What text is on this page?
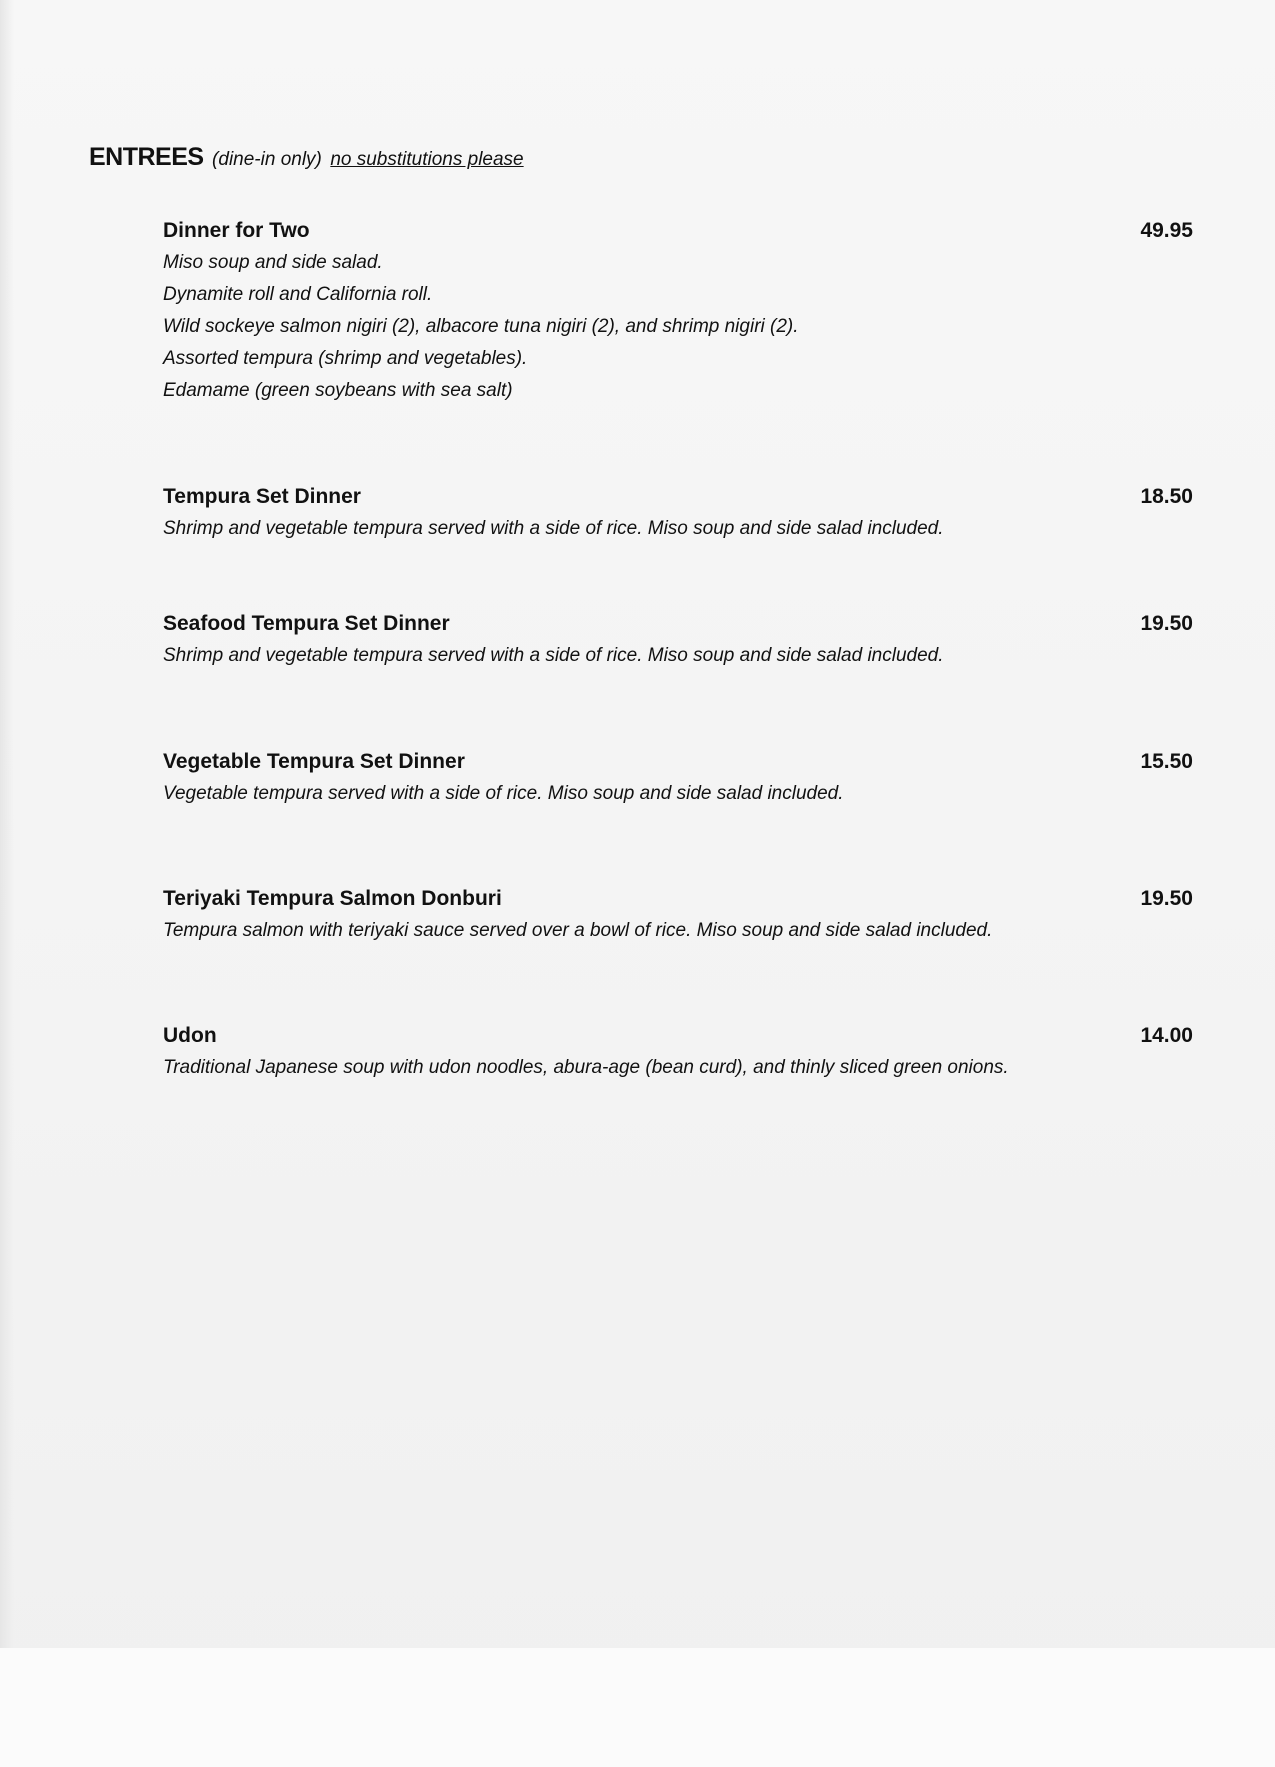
ENTREES (dine-in only) no substitutions please
Dinner for Two	49.95
Miso soup and side salad.
Dynamite roll and California roll.
Wild sockeye salmon nigiri (2), albacore tuna nigiri (2), and shrimp nigiri (2).
Assorted tempura (shrimp and vegetables).
Edamame (green soybeans with sea salt)
Tempura Set Dinner	18.50
Shrimp and vegetable tempura served with a side of rice. Miso soup and side salad included.
Seafood Tempura Set Dinner	19.50
Shrimp and vegetable tempura served with a side of rice. Miso soup and side salad included.
Vegetable Tempura Set Dinner	15.50
Vegetable tempura served with a side of rice. Miso soup and side salad included.
Teriyaki Tempura Salmon Donburi	19.50
Tempura salmon with teriyaki sauce served over a bowl of rice. Miso soup and side salad included.
Udon	14.00
Traditional Japanese soup with udon noodles, abura-age (bean curd), and thinly sliced green onions.
